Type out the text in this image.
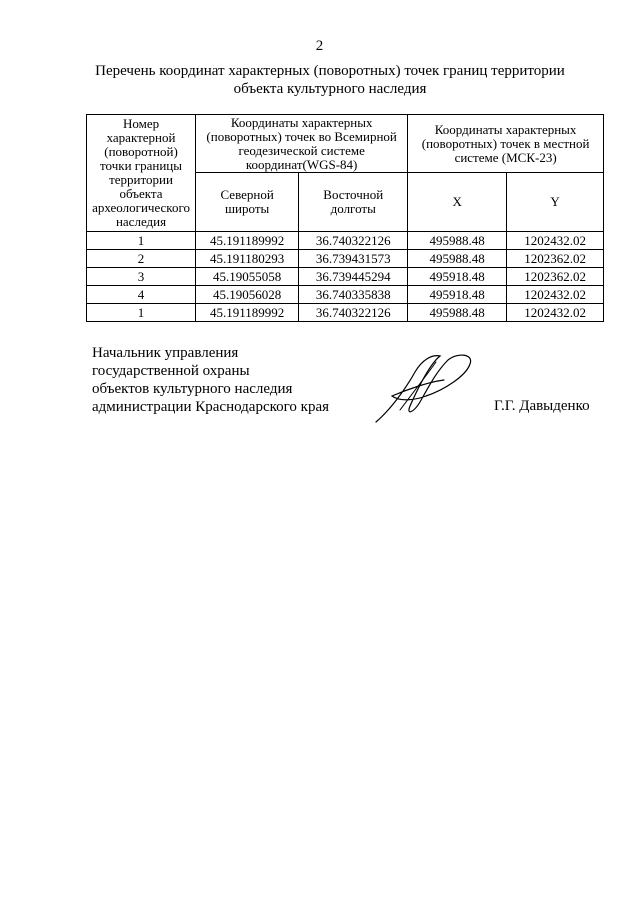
2
Перечень координат характерных (поворотных) точек границ территории
объекта культурного наследия
Номер характерной (поворотной) точки границы территории объекта археологического наследия	Координаты характерных (поворотных) точек во Всемирной геодезической системе координат(WGS-84)		Координаты характерных (поворотных) точек в местной системе (МСК-23)	
	Северной широты	Восточной долготы	X	Y
1	45.191189992	36.740322126	495988.48	1202432.02
2	45.191180293	36.739431573	495988.48	1202362.02
3	45.19055058	36.739445294	495918.48	1202362.02
4	45.19056028	36.740335838	495918.48	1202432.02
1	45.191189992	36.740322126	495988.48	1202432.02
Начальник управления
государственной охраны
объектов культурного наследия
администрации Краснодарского края	Г.Г. Давыденко
